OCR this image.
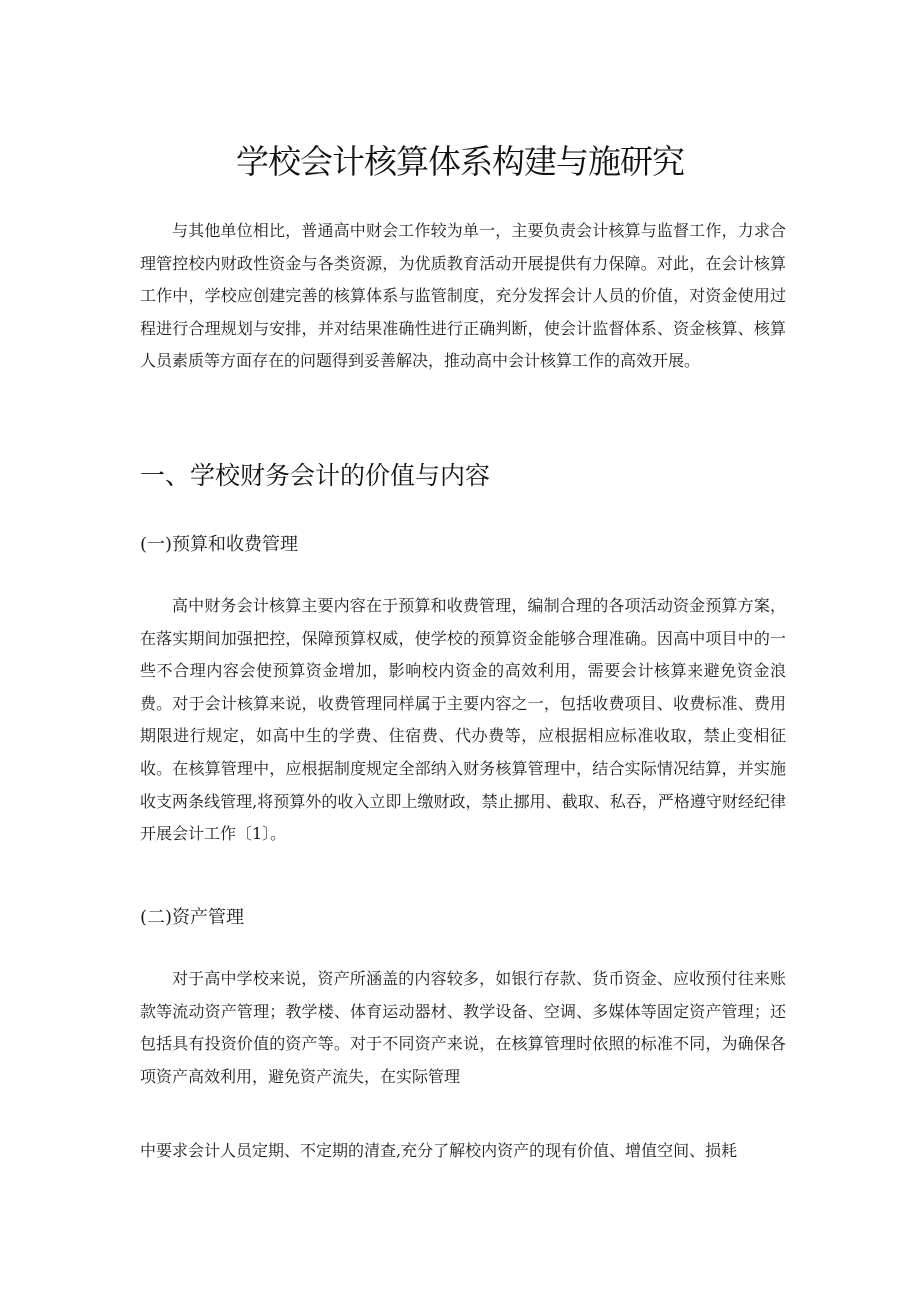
学校会计核算体系构建与施研究

与其他单位相比，普通高中财会工作较为单一，主要负责会计核算与监督工作，力求合理管控校内财政性资金与各类资源，为优质教育活动开展提供有力保障。对此，在会计核算工作中，学校应创建完善的核算体系与监管制度，充分发挥会计人员的价值，对资金使用过程进行合理规划与安排，并对结果准确性进行正确判断，使会计监督体系、资金核算、核算人员素质等方面存在的问题得到妥善解决，推动高中会计核算工作的高效开展。

一、学校财务会计的价值与内容
(一)预算和收费管理

高中财务会计核算主要内容在于预算和收费管理，编制合理的各项活动资金预算方案，在落实期间加强把控，保障预算权威，使学校的预算资金能够合理准确。因高中项目中的一些不合理内容会使预算资金增加，影响校内资金的高效利用，需要会计核算来避免资金浪费。对于会计核算来说，收费管理同样属于主要内容之一，包括收费项目、收费标准、费用期限进行规定，如高中生的学费、住宿费、代办费等，应根据相应标准收取，禁止变相征收。在核算管理中，应根据制度规定全部纳入财务核算管理中，结合实际情况结算，并实施收支两条线管理,将预算外的收入立即上缴财政，禁止挪用、截取、私吞，严格遵守财经纪律开展会计工作〔1〕。

(二)资产管理

对于高中学校来说，资产所涵盖的内容较多，如银行存款、货币资金、应收预付往来账款等流动资产管理；教学楼、体育运动器材、教学设备、空调、多媒体等固定资产管理；还包括具有投资价值的资产等。对于不同资产来说，在核算管理时依照的标准不同，为确保各项资产高效利用，避免资产流失，在实际管理

中要求会计人员定期、不定期的清查,充分了解校内资产的现有价值、增值空间、损耗
